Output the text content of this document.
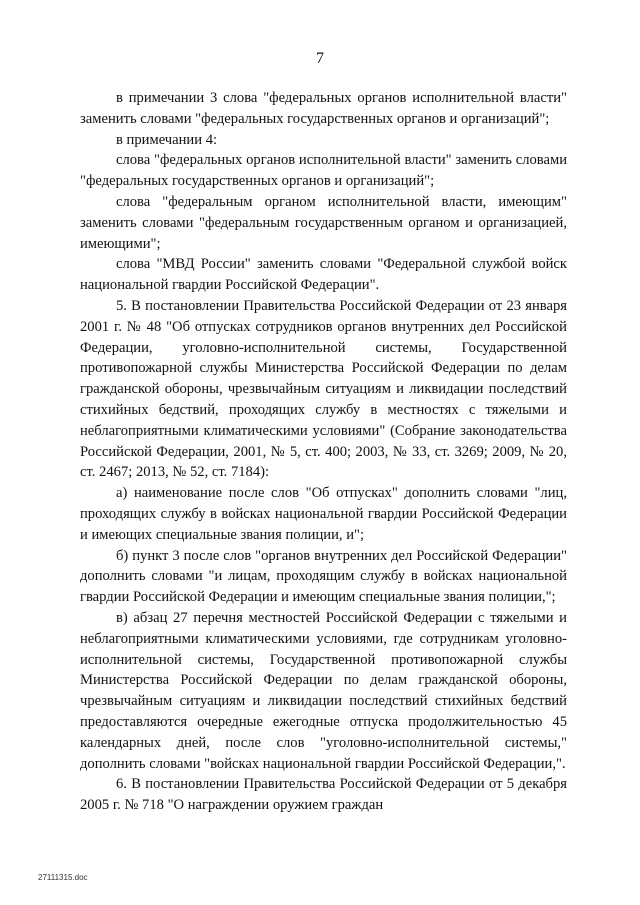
7

в примечании 3 слова "федеральных органов исполнительной власти" заменить словами "федеральных государственных органов и организаций";

в примечании 4:

слова "федеральных органов исполнительной власти" заменить словами "федеральных государственных органов и организаций";

слова "федеральным органом исполнительной власти, имеющим" заменить словами "федеральным государственным органом и организацией, имеющими";

слова "МВД России" заменить словами "Федеральной службой войск национальной гвардии Российской Федерации".

5. В постановлении Правительства Российской Федерации от 23 января 2001 г. № 48 "Об отпусках сотрудников органов внутренних дел Российской Федерации, уголовно-исполнительной системы, Государственной противопожарной службы Министерства Российской Федерации по делам гражданской обороны, чрезвычайным ситуациям и ликвидации последствий стихийных бедствий, проходящих службу в местностях с тяжелыми и неблагоприятными климатическими условиями" (Собрание законодательства Российской Федерации, 2001, № 5, ст. 400; 2003, № 33, ст. 3269; 2009, № 20, ст. 2467; 2013, № 52, ст. 7184):

а) наименование после слов "Об отпусках" дополнить словами "лиц, проходящих службу в войсках национальной гвардии Российской Федерации и имеющих специальные звания полиции, и";

б) пункт 3 после слов "органов внутренних дел Российской Федерации" дополнить словами "и лицам, проходящим службу в войсках национальной гвардии Российской Федерации и имеющим специальные звания полиции,";

в) абзац 27 перечня местностей Российской Федерации с тяжелыми и неблагоприятными климатическими условиями, где сотрудникам уголовно-исполнительной системы, Государственной противопожарной службы Министерства Российской Федерации по делам гражданской обороны, чрезвычайным ситуациям и ликвидации последствий стихийных бедствий предоставляются очередные ежегодные отпуска продолжительностью 45 календарных дней, после слов "уголовно-исполнительной системы," дополнить словами "войсках национальной гвардии Российской Федерации,".

6. В постановлении Правительства Российской Федерации от 5 декабря 2005 г. № 718 "О награждении оружием граждан

27111315.doc
